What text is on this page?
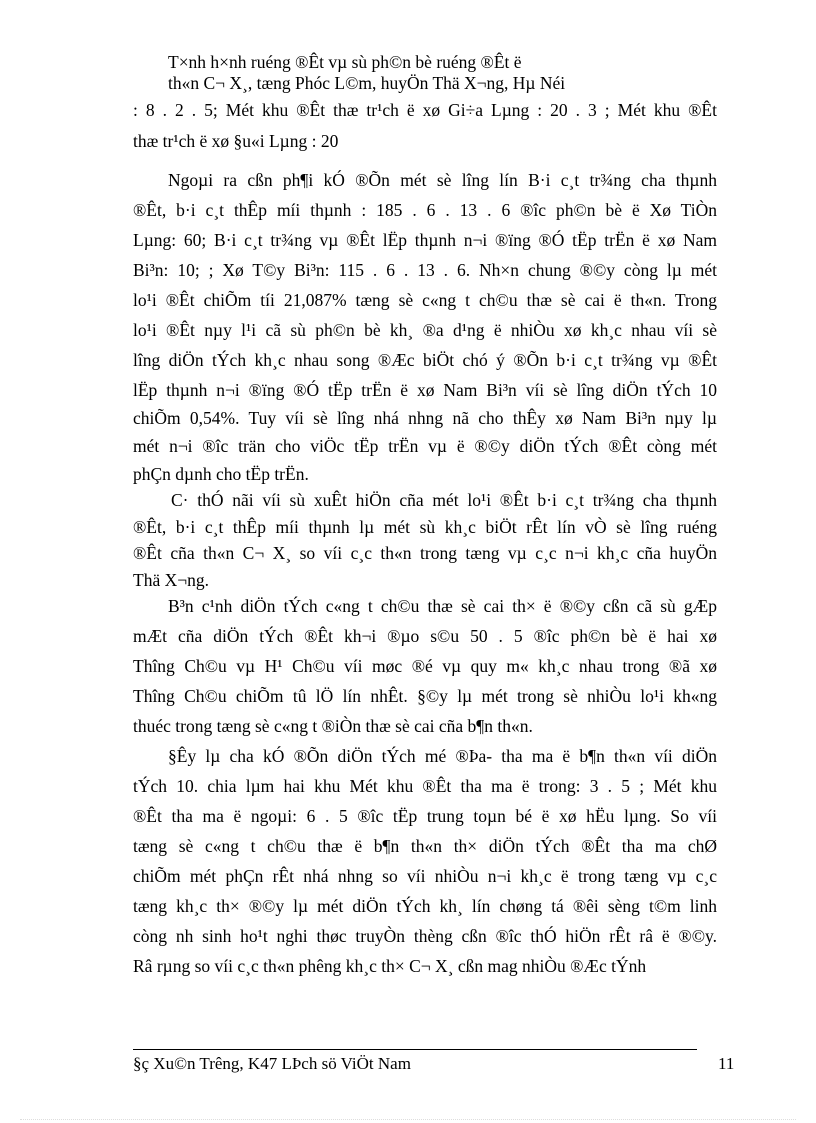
T×nh h×nh ruéng ®Êt vµ sù ph©n bè ruéng ®Êt ë
th«n C¬ X¸, tæng Phóc L©m, huyÖn Thä X¬ng, Hµ Néi
: 8 . 2 . 5; Mét khu ®Êt thæ tr¹ch ë xø Gi÷a Lµng : 20 . 3 ; Mét khu ®Êt
thæ tr¹ch ë xø §u«i Lµng : 20
Ngoµi ra cßn ph¶i kÓ ®Õn mét sè lîng lín B·i c¸t tr¾ng cha thµnh
®Êt, b·i c¸t thÊp míi thµnh : 185 . 6 . 13 . 6 ®îc ph©n bè ë Xø TiÒn
Lµng: 60; B·i c¸t tr¾ng vµ ®Êt lËp thµnh n¬i ®ïng ®Ó tËp trËn ë xø Nam
Bi³n: 10; ; Xø T©y Bi³n: 115 . 6 . 13 . 6. Nh×n chung ®©y còng lµ mét
lo¹i ®Êt chiÕm tíi 21,087% tæng sè c«ng t ch©u thæ sè cai ë th«n. Trong
lo¹i ®Êt nµy l¹i cã sù ph©n bè kh¸ ®a d¹ng ë nhiÒu xø kh¸c nhau víi sè
lîng diÖn tÝch kh¸c nhau song ®Æc biÖt chó ý ®Õn b·i c¸t tr¾ng vµ ®Êt
lËp thµnh n¬i ®ïng ®Ó tËp trËn ë xø Nam Bi³n víi sè lîng diÖn tÝch 10
chiÕm 0,54%. Tuy víi sè lîng nhá nhng nã cho thÊy xø Nam Bi³n nµy lµ
mét n¬i ®îc trän cho viÖc tËp trËn vµ ë ®©y diÖn tÝch ®Êt còng mét
phÇn dµnh cho tËp trËn.
C· thÓ nãi víi sù xuÊt hiÖn cña mét lo¹i ®Êt b·i c¸t tr¾ng cha thµnh
®Êt, b·i c¸t thÊp míi thµnh lµ mét sù kh¸c biÖt rÊt lín vÒ sè lîng ruéng
®Êt cña th«n C¬ X¸ so víi c¸c th«n trong tæng vµ c¸c n¬i kh¸c cña huyÖn
Thä X¬ng.
B³n c¹nh diÖn tÝch c«ng t ch©u thæ sè cai th× ë ®©y cßn cã sù gÆp
mÆt cña diÖn tÝch ®Êt kh¬i ®µo s©u 50 . 5 ®îc ph©n bè ë hai xø
Thîng Ch©u vµ H¹ Ch©u víi møc ®é vµ quy m« kh¸c nhau trong ®ã xø
Thîng Ch©u chiÕm tû lÖ lín nhÊt. §©y lµ mét trong sè nhiÒu lo¹i kh«ng
thuéc trong tæng sè c«ng t ®iÒn thæ sè cai cña b¶n th«n.
§Êy lµ cha kÓ ®Õn diÖn tÝch mé ®Þa- tha ma ë b¶n th«n víi diÖn
tÝch 10. chia lµm hai khu Mét khu ®Êt tha ma ë trong: 3 . 5 ; Mét khu
®Êt tha ma ë ngoµi: 6 . 5 ®îc tËp trung toµn bé ë xø hËu lµng. So víi
tæng sè c«ng t ch©u thæ ë b¶n th«n th× diÖn tÝch ®Êt tha ma chØ
chiÕm mét phÇn rÊt nhá nhng so víi nhiÒu n¬i kh¸c ë trong tæng vµ c¸c
tæng kh¸c th× ®©y lµ mét diÖn tÝch kh¸ lín chøng tá ®êi sèng t©m linh
còng nh sinh ho¹t nghi thøc truyÒn thèng cßn ®îc thÓ hiÖn rÊt râ ë ®©y.
Râ rµng so víi c¸c th«n phêng kh¸c th× C¬ X¸ cßn mag nhiÒu ®Æc tÝnh
§ç Xu©n Trêng, K47 LÞch sö ViÖt Nam	11
